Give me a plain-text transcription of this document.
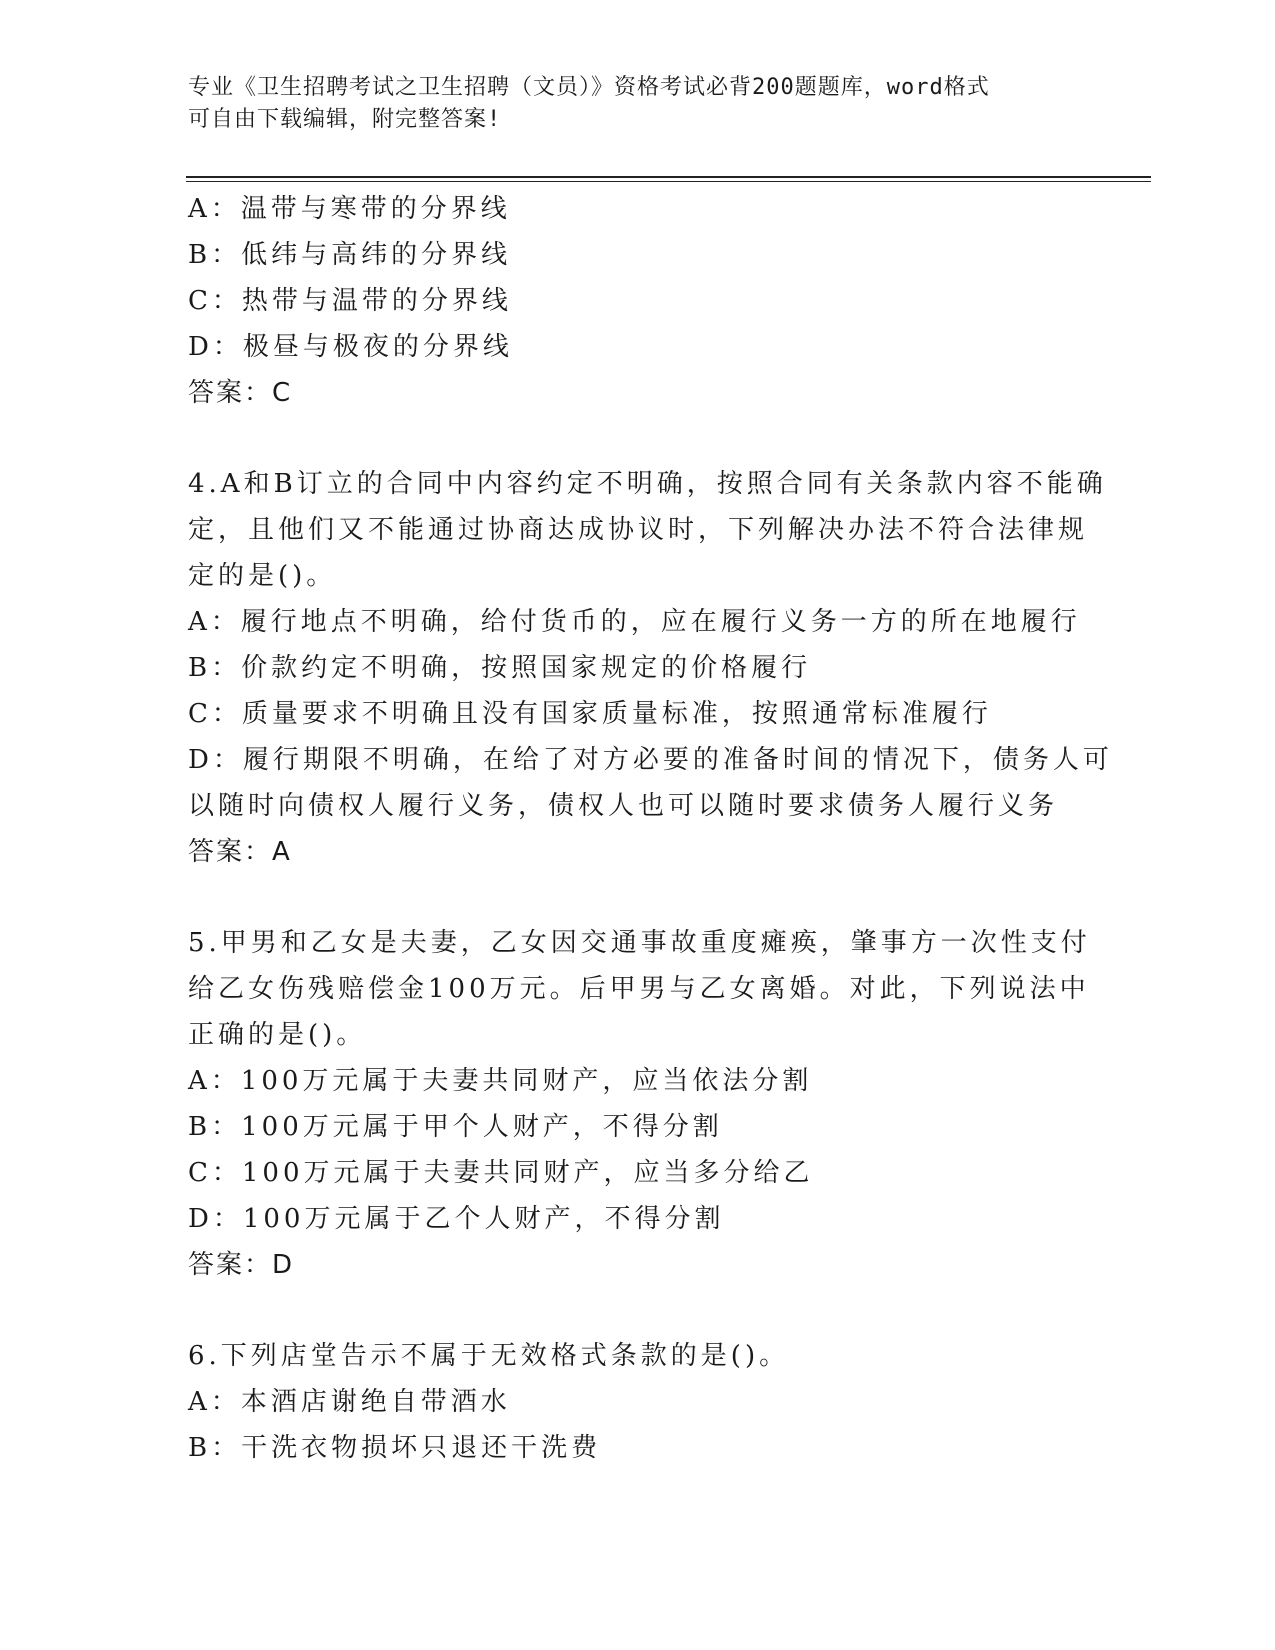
专业《卫生招聘考试之卫生招聘（文员）》资格考试必背200题题库，word格式
可自由下载编辑，附完整答案!
A：温带与寒带的分界线
B：低纬与高纬的分界线
C：热带与温带的分界线
D：极昼与极夜的分界线
答案：C
4.A和B订立的合同中内容约定不明确，按照合同有关条款内容不能确
定，且他们又不能通过协商达成协议时，下列解决办法不符合法律规
定的是()。
A：履行地点不明确，给付货币的，应在履行义务一方的所在地履行
B：价款约定不明确，按照国家规定的价格履行
C：质量要求不明确且没有国家质量标准，按照通常标准履行
D：履行期限不明确，在给了对方必要的准备时间的情况下，债务人可
以随时向债权人履行义务，债权人也可以随时要求债务人履行义务
答案：A
5.甲男和乙女是夫妻，乙女因交通事故重度瘫痪，肇事方一次性支付
给乙女伤残赔偿金100万元。后甲男与乙女离婚。对此，下列说法中
正确的是()。
A：100万元属于夫妻共同财产，应当依法分割
B：100万元属于甲个人财产，不得分割
C：100万元属于夫妻共同财产，应当多分给乙
D：100万元属于乙个人财产，不得分割
答案：D
6.下列店堂告示不属于无效格式条款的是()。
A：本酒店谢绝自带酒水
B：干洗衣物损坏只退还干洗费
